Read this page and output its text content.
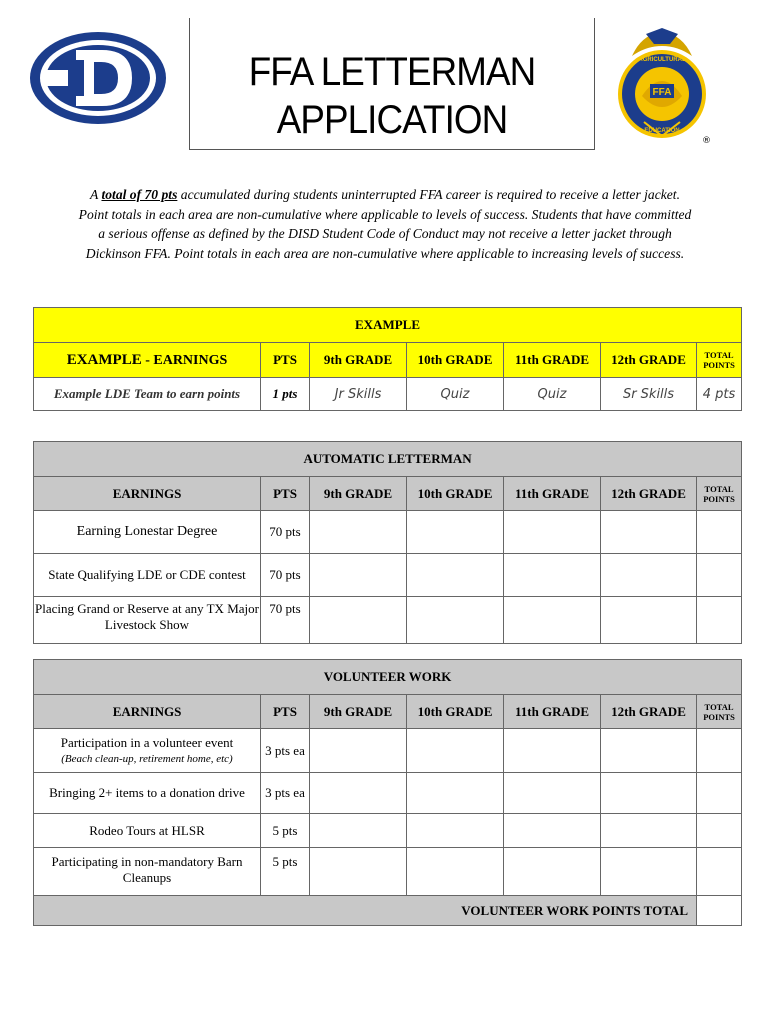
FFA LETTERMAN
APPLICATION
FFA
AGRICULTURAL
EDUCATION
®

A total of 70 pts accumulated during students uninterrupted FFA career is required to receive a letter jacket. Point totals in each area are non-cumulative where applicable to levels of success. Students that have committed a serious offense as defined by the DISD Student Code of Conduct may not receive a letter jacket through Dickinson FFA. Point totals in each area are non-cumulative where applicable to increasing levels of success.

EXAMPLE						
EXAMPLE - EARNINGS	PTS	9th GRADE	10th GRADE	11th GRADE	12th GRADE	TOTAL POINTS
Example LDE Team to earn points	1 pts	Jr Skills	Quiz	Quiz	Sr Skills	4 pts
AUTOMATIC LETTERMAN						
EARNINGS	PTS	9th GRADE	10th GRADE	11th GRADE	12th GRADE	TOTAL POINTS
Earning Lonestar Degree	70 pts					
State Qualifying LDE or CDE contest	70 pts					
Placing Grand or Reserve at any TX Major Livestock Show	70 pts					
VOLUNTEER WORK						
EARNINGS	PTS	9th GRADE	10th GRADE	11th GRADE	12th GRADE	TOTAL POINTS

Participation in a volunteer event
(Beach clean-up, retirement home, etc)	3 pts ea					
Bringing 2+ items to a donation drive	3 pts ea					
Rodeo Tours at HLSR	5 pts					
Participating in non-mandatory Barn Cleanups	5 pts					
VOLUNTEER WORK POINTS TOTAL						
